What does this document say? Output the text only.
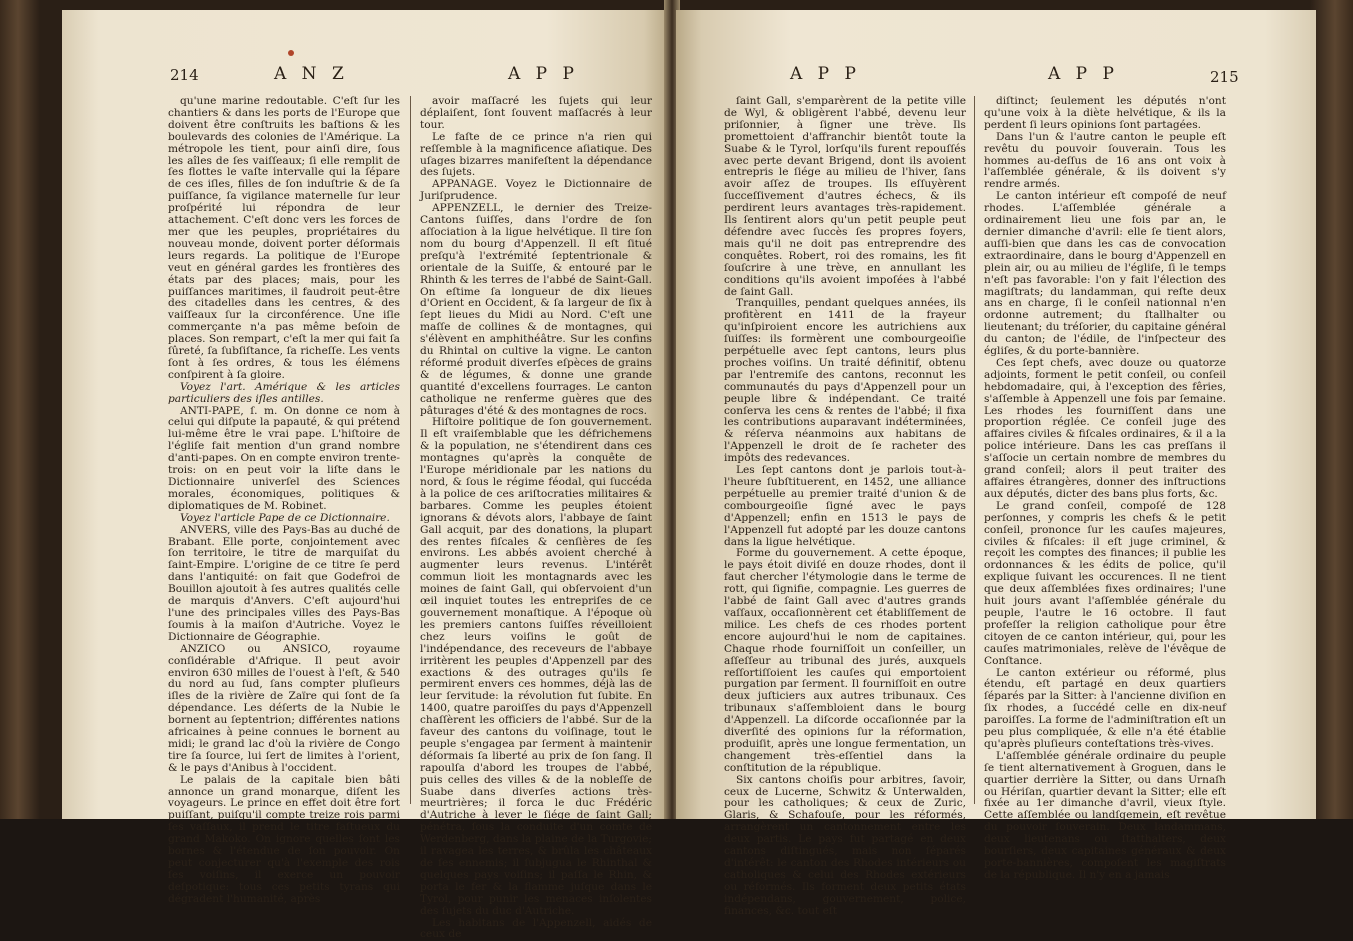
214	A N Z	A P P

qu'une marine redoutable. C'eſt ſur les chantiers & dans les ports de l'Europe que doivent être conſtruits les baſtions & les boulevards des colonies de l'Amérique. La métropole les tient, pour ainſi dire, ſous les aîles de ſes vaiſſeaux; ſi elle remplit de ſes flottes le vaſte intervalle qui la ſépare de ces iſles, filles de ſon induſtrie & de ſa puiſſance, ſa vigilance maternelle ſur leur proſpérité lui répondra de leur attachement. C'eſt donc vers les forces de mer que les peuples, propriétaires du nouveau monde, doivent porter déſormais leurs regards. La politique de l'Europe veut en général gardes les frontières des états par des places; mais, pour les puiſſances maritimes, il faudroit peut-être des citadelles dans les centres, & des vaiſſeaux ſur la circonférence. Une iſle commerçante n'a pas même beſoin de places. Son rempart, c'eſt la mer qui fait ſa ſûreté, ſa ſubſiſtance, ſa richeſſe. Les vents ſont à ſes ordres, & tous les élémens conſpirent à ſa gloire.

Voyez l'art. Amérique & les articles particuliers des iſles antilles.

ANTI-PAPE, ſ. m. On donne ce nom à celui qui diſpute la papauté, & qui prétend lui-même être le vrai pape. L'hiſtoire de l'égliſe fait mention d'un grand nombre d'anti-papes. On en compte environ trente-trois: on en peut voir la liſte dans le Dictionnaire univerſel des Sciences morales, économiques, politiques & diplomatiques de M. Robinet.

Voyez l'article Pape de ce Dictionnaire.

ANVERS, ville des Pays-Bas au duché de Brabant. Elle porte, conjointement avec ſon territoire, le titre de marquiſat du ſaint-Empire. L'origine de ce titre ſe perd dans l'antiquité: on fait que Godefroi de Bouillon ajoutoit à ſes autres qualités celle de marquis d'Anvers. C'eſt aujourd'hui l'une des principales villes des Pays-Bas ſoumis à la maiſon d'Autriche. Voyez le Dictionnaire de Géographie.

ANZICO ou ANSICO, royaume conſidérable d'Afrique. Il peut avoir environ 630 milles de l'ouest à l'eſt, & 540 du nord au ſud, ſans compter pluſieurs iſles de la rivière de Zaïre qui ſont de ſa dépendance. Les déſerts de la Nubie le bornent au ſeptentrion; différentes nations africaines à peine connues le bornent au midi; le grand lac d'où la rivière de Congo tire ſa ſource, lui ſert de limites à l'orient, & le pays d'Anibus à l'occident.

Le palais de la capitale bien bâti annonce un grand monarque, diſent les voyageurs. Le prince en effet doit être fort puiſſant, puiſqu'il compte treize rois parmi ſes vaſſaux, il prend le titre faſtueux du grand Makoko. On ignore quelles ſont les bornes & l'étendue de ſon pouvoir. On peut conjecturer qu'à l'exemple des rois ſes voiſins, il exerce un pouvoir deſpotique: tous ces petits tyrans qui dégradent l'humanité, après

avoir maſſacré les ſujets qui leur déplaiſent, ſont ſouvent maſſacrés à leur tour.

Le faſte de ce prince n'a rien qui reſſemble à la magnificence aſiatique. Des uſages bizarres manifeſtent la dépendance des ſujets.

APPANAGE. Voyez le Dictionnaire de Juriſprudence.

APPENZELL, le dernier des Treize-Cantons ſuiſſes, dans l'ordre de ſon aſſociation à la ligue helvétique. Il tire ſon nom du bourg d'Appenzell. Il eſt ſitué preſqu'à l'extrémité ſeptentrionale & orientale de la Suiſſe, & entouré par le Rhinth & les terres de l'abbé de Saint-Gall. On eſtime ſa longueur de dix lieues d'Orient en Occident, & ſa largeur de ſix à ſept lieues du Midi au Nord. C'eſt une maſſe de collines & de montagnes, qui s'élèvent en amphithéâtre. Sur les confins du Rhintal on cultive la vigne. Le canton réformé produit diverſes eſpèces de grains & de légumes, & donne une grande quantité d'excellens fourrages. Le canton catholique ne renferme guères que des pâturages d'été & des montagnes de rocs.

Hiſtoire politique de ſon gouvernement. Il eſt vraiſemblable que les défrichemens & la population, ne s'étendirent dans ces montagnes qu'après la conquête de l'Europe méridionale par les nations du nord, & ſous le régime féodal, qui ſuccéda à la police de ces ariſtocraties militaires & barbares. Comme les peuples étoient ignorans & dévots alors, l'abbaye de ſaint Gall acquit, par des donations, la plupart des rentes fiſcales & cenſières de ſes environs. Les abbés avoient cherché à augmenter leurs revenus. L'intérêt commun lioit les montagnards avec les moines de ſaint Gall, qui obſervoient d'un œil inquiet toutes les entrepriſes de ce gouvernement monaſtique. A l'époque où les premiers cantons ſuiſſes réveilloient chez leurs voiſins le goût de l'indépendance, des receveurs de l'abbaye irritèrent les peuples d'Appenzell par des exactions & des outrages qu'ils ſe permirent envers ces hommes, déjà las de leur ſervitude: la révolution fut ſubite. En 1400, quatre paroiſſes du pays d'Appenzell chaſſèrent les officiers de l'abbé. Sur de la faveur des cantons du voiſinage, tout le peuple s'engagea par ſerment à maintenir déſormais ſa liberté au prix de ſon ſang. Il rapoulſa d'abord les troupes de l'abbé, puis celles des villes & de la nobleſſe de Suabe dans diverſes actions très-meurtrières; il forca le duc Frédéric d'Autriche à lever le ſiége de ſaint Gall; pénétra, ſous la conduite d'un comte de Werdenberg, dans la plaine de la Turgovie; il ravagea les terres, & brûla les châteaux de ſes ennemis; il ſubjugua le Rhinthal & quelques pays voiſins; il paſſa le Rhin, & porta le fer & la flamme juſque dans le Tyrol, pour punir les menaces inſolentes des ſujets du duc d'Autriche.

Les habitans de l'Appenzell, aidés de ceux de

A P P	A P P	215

ſaint Gall, s'emparèrent de la petite ville de Wyl, & obligèrent l'abbé, devenu leur priſonnier, à ſigner une trève. Ils promettoient d'affranchir bientôt toute la Suabe & le Tyrol, lorſqu'ils furent repouſſés avec perte devant Brigend, dont ils avoient entrepris le ſiége au milieu de l'hiver, ſans avoir aſſez de troupes. Ils eſſuyèrent ſucceſſivement d'autres échecs, & ils perdirent leurs avantages très-rapidement. Ils ſentirent alors qu'un petit peuple peut défendre avec ſuccès ſes propres foyers, mais qu'il ne doit pas entreprendre des conquêtes. Robert, roi des romains, les fit ſouſcrire à une trève, en annullant les conditions qu'ils avoient impoſées à l'abbé de ſaint Gall.

Tranquilles, pendant quelques années, ils profitèrent en 1411 de la frayeur qu'inſpiroient encore les autrichiens aux ſuiſſes: ils formèrent une combourgeoiſie perpétuelle avec ſept cantons, leurs plus proches voiſins. Un traité définitif, obtenu par l'entremiſe des cantons, reconnut les communautés du pays d'Appenzell pour un peuple libre & indépendant. Ce traité conſerva les cens & rentes de l'abbé; il fixa les contributions auparavant indéterminées, & réſerva néanmoins aux habitans de l'Appenzell le droit de ſe racheter des impôts des redevances.

Les ſept cantons dont je parlois tout-à-l'heure ſubſtituerent, en 1452, une alliance perpétuelle au premier traité d'union & de combourgeoiſie ſigné avec le pays d'Appenzell; enfin en 1513 le pays de l'Appenzell fut adopté par les douze cantons dans la ligue helvétique.

Forme du gouvernement. A cette époque, le pays étoit diviſé en douze rhodes, dont il faut chercher l'étymologie dans le terme de rott, qui ſignifie, compagnie. Les guerres de l'abbé de ſaint Gall avec d'autres grands vaſſaux, occaſionnèrent cet établiſſement de milice. Les chefs de ces rhodes portent encore aujourd'hui le nom de capitaines. Chaque rhode fourniſſoit un conſeiller, un aſſeſſeur au tribunal des jurés, auxquels reſſortiſſoient les cauſes qui emportoient purgation par ſerment. Il fourniſſoit en outre deux juſticiers aux autres tribunaux. Ces tribunaux s'aſſembloient dans le bourg d'Appenzell. La diſcorde occaſionnée par la diverſité des opinions ſur la réformation, produiſit, après une longue fermentation, un changement très-eſſentiel dans la conſtitution de la république.

Six cantons choiſis pour arbitres, ſavoir, ceux de Lucerne, Schwitz & Unterwalden, pour les catholiques; & ceux de Zuric, Glaris, & Schafouſe, pour les réformés, arrangèrent un cantonnement entre les deux partis. Le pays fut partagé en deux cantons diſtingués, mais non ſéparés d'intérêt: le canton des Rhodes intérieurs ou catholiques & celui des Rhodes extérieurs ou réformés. Ils forment deux petits états indépendans, gouvernement, police, finances, &c. tout eſt

diſtinct; ſeulement les députés n'ont qu'une voix à la diète helvétique, & ils la perdent ſi leurs opinions ſont partagées.

Dans l'un & l'autre canton le peuple eſt revêtu du pouvoir ſouverain. Tous les hommes au-deſſus de 16 ans ont voix à l'aſſemblée générale, & ils doivent s'y rendre armés.

Le canton intérieur eſt compoſé de neuf rhodes. L'aſſemblée générale a ordinairement lieu une fois par an, le dernier dimanche d'avril: elle ſe tient alors, auſſi-bien que dans les cas de convocation extraordinaire, dans le bourg d'Appenzell en plein air, ou au milieu de l'égliſe, ſi le temps n'eſt pas favorable: l'on y fait l'élection des magiſtrats; du landamman, qui reſte deux ans en charge, ſi le conſeil nationnal n'en ordonne autrement; du ſtallhalter ou lieutenant; du tréſorier, du capitaine général du canton; de l'édile, de l'inſpecteur des égliſes, & du porte-bannière.

Ces ſept chefs, avec douze ou quatorze adjoints, forment le petit conſeil, ou conſeil hebdomadaire, qui, à l'exception des fêries, s'aſſemble à Appenzell une fois par ſemaine. Les rhodes les fourniſſent dans une proportion réglée. Ce conſeil juge des affaires civiles & fiſcales ordinaires, & il a la police intérieure. Dans les cas preſſans il s'aſſocie un certain nombre de membres du grand conſeil; alors il peut traiter des affaires étrangères, donner des inſtructions aux députés, dicter des bans plus forts, &c.

Le grand conſeil, compoſé de 128 perſonnes, y compris les chefs & le petit conſeil, prononce ſur les cauſes majeures, civiles & fiſcales: il eſt juge criminel, & reçoit les comptes des finances; il publie les ordonnances & les édits de police, qu'il explique ſuivant les occurences. Il ne tient que deux aſſemblées fixes ordinaires; l'une huit jours avant l'aſſemblée générale du peuple, l'autre le 16 octobre. Il faut profeſſer la religion catholique pour être citoyen de ce canton intérieur, qui, pour les cauſes matrimoniales, relève de l'évêque de Conſtance.

Le canton extérieur ou réformé, plus étendu, eſt partagé en deux quartiers ſéparés par la Sitter: à l'ancienne diviſion en ſix rhodes, a ſuccédé celle en dix-neuf paroiſſes. La forme de l'adminiſtration eſt un peu plus compliquée, & elle n'a été établie qu'après pluſieurs conteſtations très-vives.

L'aſſemblée générale ordinaire du peuple ſe tient alternativement à Groguen, dans le quartier derrière la Sitter, ou dans Urnaſh ou Hériſan, quartier devant la Sitter; elle eſt fixée au 1er dimanche d'avril, vieux ſtyle. Cette aſſemblée ou landſgemein, eſt revêtue du pouvoir ſouverain. Deux landammans, deux lieutenans ou ſtatthalters, deux bourſiers, deux capitaines généraux & deux porte-bannières, compoſent les magiſtrats de la république. Il n'y en a jamais
